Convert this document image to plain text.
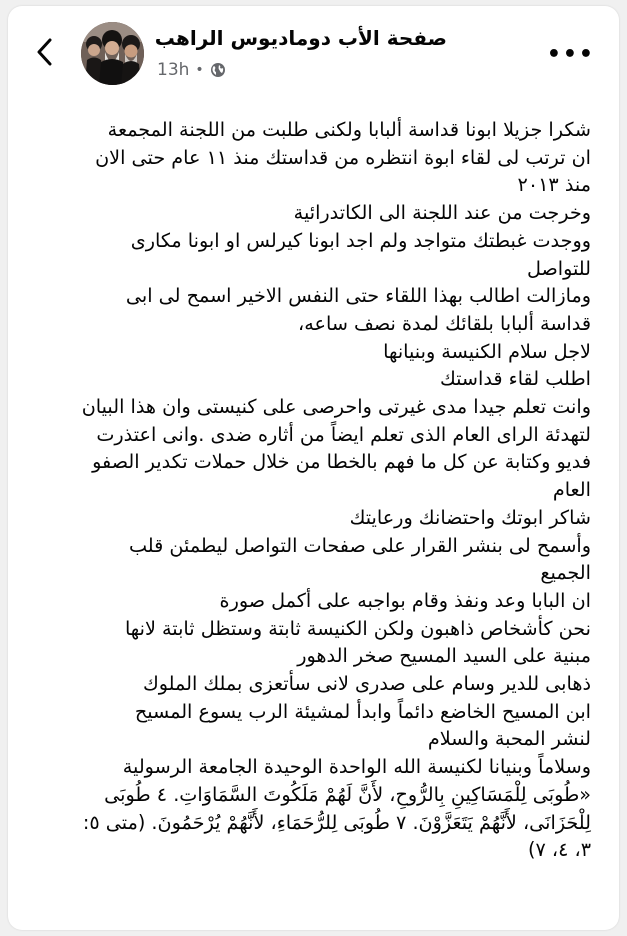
صفحة الأب دوماديوس الراهب
13h •
•••
شكرا جزيلا ابونا قداسة ألبابا ولكنى طلبت من اللجنة المجمعة
ان ترتب لى لقاء ابوة انتظره من قداستك منذ ١١ عام حتى الان
منذ ٢٠١٣
وخرجت من عند اللجنة الى الكاتدرائية
ووجدت غبطتك متواجد ولم اجد ابونا كيرلس او ابونا مكارى
للتواصل
ومازالت اطالب بهذا اللقاء حتى النفس الاخير اسمح لى ابى
قداسة ألبابا بلقائك لمدة نصف ساعه،
لاجل سلام الكنيسة وبنيانها
اطلب لقاء قداستك
وانت تعلم جيدا مدى غيرتى واحرصى على كنيستى وان هذا البيان
لتهدئة الراى العام الذى تعلم ايضاً من أثاره ضدى .وانى اعتذرت
فديو وكتابة عن كل ما فهم بالخطا من خلال حملات تكدير الصفو
العام
شاكر ابوتك واحتضانك ورعايتك
وأسمح لى بنشر القرار على صفحات التواصل ليطمئن قلب
الجميع
ان البابا وعد ونفذ وقام بواجبه على أكمل صورة
نحن كأشخاص ذاهبون ولكن الكنيسة ثابتة وستظل ثابتة لانها
مبنية على السيد المسيح صخر الدهور
ذهابى للدير وسام على صدرى لانى سأتعزى بملك الملوك
ابن المسيح الخاضع دائماً وابدأ لمشيئة الرب يسوع المسيح
لنشر المحبة والسلام
وسلاماً وبنيانا لكنيسة الله الواحدة الوحيدة الجامعة الرسولية
«طُوبَى لِلْمَسَاكِينِ بِالرُّوحِ، لأَنَّ لَهُمْ مَلَكُوتَ السَّمَاوَاتِ. ٤ طُوبَى
لِلْحَزَانَى، لأَنَّهُمْ يَتَعَزَّوْنَ. ٧ طُوبَى لِلرُّحَمَاءِ، لأَنَّهُمْ يُرْحَمُونَ. (متى ٥:
٣، ٤، ٧)
